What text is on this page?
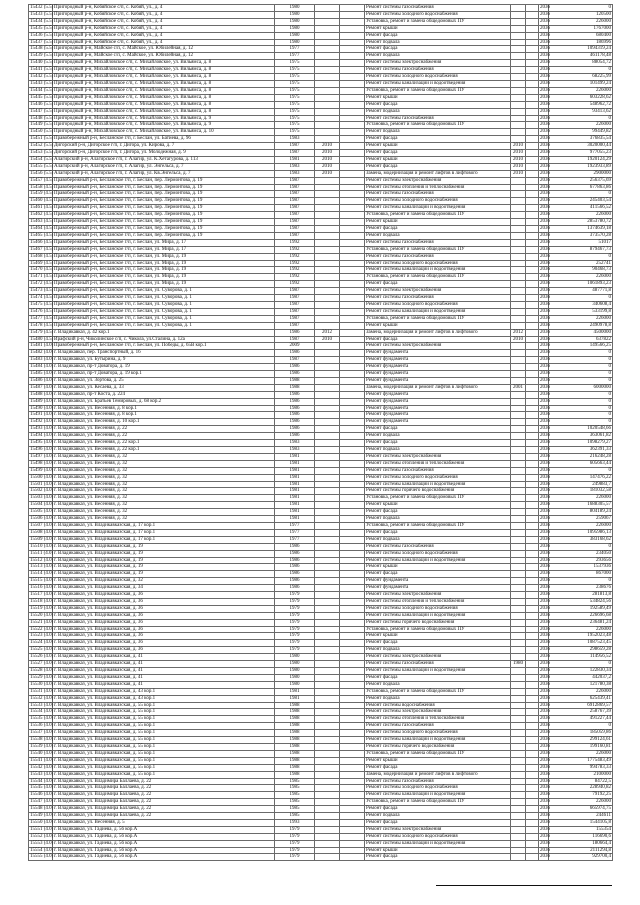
15432 (5.5)	Пригородный р-н, Кобяйское с/п, с. Кобяй, ул., д. 4	1980			Ремонт системы газоснабжения			2036	0
15433 (5.5)	Пригородный р-н, Кобяйское с/п, с. Кобяй, ул., д. 4	1980			Ремонт системы холодного водоснабжения			2036	120500
15434 (5.5)	Пригородный р-н, Кобяйское с/п, с. Кобяй, ул., д. 4	1980			Установка, ремонт и замена общедомовых ПУ			2036	226000
15435 (5.5)	Пригородный р-н, Кобяйское с/п, с. Кобяй, ул., д. 4	1980			Ремонт крыши			2036	1767000
15436 (5.5)	Пригородный р-н, Кобяйское с/п, с. Кобяй, ул., д. 4	1980			Ремонт фасада			2036	680400
15437 (5.5)	Пригородный р-н, Кобяйское с/п, с. Кобяй, ул., д. 4	1980			Ремонт подвала			2036	186996
15438 (5.5)	Пригородный р-н, Майское с/п, с. Майское, ул. Юбилейная, д. 12	1977			Ремонт фасада			2036	1094319,24
15439 (5.5)	Пригородный р-н, Майское с/п, с. Майское, ул. Юбилейная, д. 12	1977			Ремонт подвала			2036	461178,48
15440 (5.5)	Пригородный р-н, Михайловское с/п, с. Михайловское, ул. Вильямса, д. 8	1975			Ремонт системы электроснабжения			2036	88054,72
15441 (5.5)	Пригородный р-н, Михайловское с/п, с. Михайловское, ул. Вильямса, д. 8	1975			Ремонт системы газоснабжения			2036	0
15442 (5.5)	Пригородный р-н, Михайловское с/п, с. Михайловское, ул. Вильямса, д. 8	1975			Ремонт системы холодного водоснабжения			2036	68225,99
15443 (5.5)	Пригородный р-н, Михайловское с/п, с. Михайловское, ул. Вильямса, д. 8	1975			Ремонт системы канализации и водоотведения			2036	101499,24
15444 (5.5)	Пригородный р-н, Михайловское с/п, с. Михайловское, ул. Вильямса, д. 8	1975			Установка, ремонт и замена общедомовых ПУ			2036	226000
15445 (5.5)	Пригородный р-н, Михайловское с/п, с. Михайловское, ул. Вильямса, д. 8	1975			Ремонт крыши			2036	603228,62
15446 (5.5)	Пригородный р-н, Михайловское с/п, с. Михайловское, ул. Вильямса, д. 8	1975			Ремонт фасада			2036	548962,72
15447 (5.5)	Пригородный р-н, Михайловское с/п, с. Михайловское, ул. Вильямса, д. 8	1975			Ремонт подвала			2036	93413,62
15448 (5.5)	Пригородный р-н, Михайловское с/п, с. Михайловское, ул. Вильямса, д. 9	1975			Ремонт системы газоснабжения			2036	0
15449 (5.5)	Пригородный р-н, Михайловское с/п, с. Михайловское, ул. Вильямса, д. 9	1975			Установка, ремонт и замена общедомовых ПУ			2036	226000
15450 (5.5)	Пригородный р-н, Михайловское с/п, с. Михайловское, ул. Вильямса, д. 10	1975			Ремонт подвала			2036	99449,82
15451 (5.5)	Правобережный р-н, Бесланское г/п, г. Беслан, ул. Батиева, д. 96	1983			Ремонт фасада			2036	376835,54
15452 (5.5)	Дигорский р-н, Дигорское г/п, г. Дигора, ул. Кирова, д. 7	1987	2010		Ремонт крыши	2010		2036	3020000,44
15453 (5.5)	Дигорский р-н, Дигорское г/п, г. Дигора, ул. Молодежная, д. 9	1987	2010		Ремонт фасада	2010		2036	977055,23
15454 (5.5)	Алагирский р-н, Алагирское г/п, г. Алагир, ул. К.Хетагурова, д. 113	1981	2010		Ремонт крыши	2010		2036	1920124,29
15455 (5.5)	Алагирский р-н, Алагирское г/п, г. Алагир, ул. Энгельса, д. 7	1983	2010		Ремонт фасада	2010		2036	1923933,89
15456 (5.5)	Алагирский р-н, Алагирское г/п, г. Алагир, ул. Кв.Энгельса, д. 7	1983	2010		Замена, модернизация и ремонт лифтов в лифтового	2010		2036	2900000
15457 (4.5)	Правобережный р-н, Бесланское г/п, г. Беслан, пер. Лермонтова, д. 19	1987			Ремонт системы электроснабжения			2036	256375,69
15458 (4.5)	Правобережный р-н, Бесланское г/п, г. Беслан, пер. Лермонтова, д. 19	1987			Ремонт системы отопления и теплоснабжения			2036	677863,86
15459 (4.5)	Правобережный р-н, Бесланское г/п, г. Беслан, пер. Лермонтова, д. 19	1987			Ремонт системы газоснабжения			2036	0
15460 (4.5)	Правобережный р-н, Бесланское г/п, г. Беслан, пер. Лермонтова, д. 19	1987			Ремонт системы холодного водоснабжения			2036	245403,54
15461 (4.5)	Правобережный р-н, Бесланское г/п, г. Беслан, пер. Лермонтова, д. 19	1987			Ремонт системы канализации и водоотведения			2036	411566,52
15462 (4.5)	Правобережный р-н, Бесланское г/п, г. Беслан, пер. Лермонтова, д. 19	1987			Установка, ремонт и замена общедомовых ПУ			2036	226000
15463 (4.5)	Правобережный р-н, Бесланское г/п, г. Беслан, пер. Лермонтова, д. 19	1987			Ремонт крыши			2036	2853780,72
15464 (4.5)	Правобережный р-н, Бесланское г/п, г. Беслан, пер. Лермонтова, д. 19	1987			Ремонт фасада			2036	1374639,18
15465 (4.5)	Правобережный р-н, Бесланское г/п, г. Беслан, пер. Лермонтова, д. 19	1987			Ремонт подвала			2036	373570,28
15466 (4.5)	Правобережный р-н, Бесланское г/п, г. Беслан, ул. Мира, д. 17	1992			Ремонт системы газоснабжения			2036	51017
15467 (4.5)	Правобережный р-н, Бесланское г/п, г. Беслан, ул. Мира, д. 17	1992			Установка, ремонт и замена общедомовых ПУ			2036	879467,73
15468 (4.5)	Правобережный р-н, Бесланское г/п, г. Беслан, ул. Мира, д. 19	1992			Ремонт системы газоснабжения			2036	0
15469 (4.5)	Правобережный р-н, Бесланское г/п, г. Беслан, ул. Мира, д. 19	1992			Ремонт системы холодного водоснабжения			2036	252741
15470 (4.5)	Правобережный р-н, Бесланское г/п, г. Беслан, ул. Мира, д. 19	1992			Ремонт системы канализации и водоотведения			2036	90468,73
15471 (4.5)	Правобережный р-н, Бесланское г/п, г. Беслан, ул. Мира, д. 19	1992			Установка, ремонт и замена общедомовых ПУ			2036	226000
15472 (4.5)	Правобережный р-н, Бесланское г/п, г. Беслан, ул. Мира, д. 19	1992			Ремонт фасада			2036	1061893,23
15473 (4.5)	Правобережный р-н, Бесланское г/п, г. Беслан, ул. Суворова, д. 1	1987			Ремонт системы электроснабжения			2036	487771,8
15474 (4.5)	Правобережный р-н, Бесланское г/п, г. Беслан, ул. Суворова, д. 1	1987			Ремонт системы газоснабжения			2036	0
15475 (4.5)	Правобережный р-н, Бесланское г/п, г. Беслан, ул. Суворова, д. 1	1987			Ремонт системы холодного водоснабжения			2036	340608,4
15476 (4.5)	Правобережный р-н, Бесланское г/п, г. Беслан, ул. Суворова, д. 1	1987			Ремонт системы канализации и водоотведения			2036	533199,8
15477 (4.5)	Правобережный р-н, Бесланское г/п, г. Беслан, ул. Суворова, д. 1	1987			Установка, ремонт и замена общедомовых ПУ			2036	226000
15478 (4.5)	Правобережный р-н, Бесланское г/п, г. Беслан, ул. Суворова, д. 1	1987			Ремонт крыши			2036	2490978,8
15479 (4.5)	г. Владикавказ, д. 42 кор.1	1986	2012		Замена, модернизация и ремонт лифтов в лифтового	2012		2036	4500000
15480 (4.5)	Ирафский р-н, Чиколинское с/п, с. Чикола, ул.Сталина, д. 12а	1987	2010		Ремонт фасада	2010		2036	637822
15481 (4.0)	Правобережный р-н, Бесланское г/п, г. Беслан, ул. Победы, д. 65В кор.1	2009			Ремонт системы электроснабжения			2036	149566,25
15482 (4.0)	г. Владикавказ, пер. Транспортный, д. 16	1986			Ремонт фундамента			2036	0
15483 (4.0)	г. Владикавказ, ул. Бутырина, д. 9	1987			Ремонт фундамента			2036	0
15484 (4.0)	г. Владикавказ, пр-т Доватора, д. 19	1986			Ремонт фундамента			2036	0
15485 (4.0)	г. Владикавказ, пр-т Доватора, д. 19 кор.1	1986			Ремонт фундамента			2036	0
15486 (4.0)	г. Владикавказ, ул. Зортова, д. 25	1988			Ремонт фундамента			2036	0
15487 (4.0)	г. Владикавказ, ул. Кесаева, д. 33	1988			Замена, модернизация и ремонт лифтов в лифтового	2001		2036	6000000
15488 (4.0)	г. Владикавказ, пр-т Коста, д. 224	1986			Ремонт фундамента			2036	0
15489 (4.0)	г. Владикавказ, ул. Братьев Темировых, д. 68 кор.2	1986			Ремонт фундамента			2036	0
15490 (4.0)	г. Владикавказ, ул. Весенняя, д. 8 кор.1	1986			Ремонт фундамента			2036	0
15491 (4.0)	г. Владикавказ, ул. Весенняя, д. 8 кор.1	1986			Ремонт фундамента			2036	0
15492 (4.0)	г. Владикавказ, ул. Весенняя, д. 10 кор.1	1986			Ремонт фундамента			2036	0
15493 (4.0)	г. Владикавказ, ул. Весенняя, д. 22	1986			Ремонт фасада			2036	1020548,66
15494 (4.0)	г. Владикавказ, ул. Весенняя, д. 22	1986			Ремонт подвала			2036	363061,82
15495 (4.0)	г. Владикавказ, ул. Весенняя, д. 22 кор.1	1983			Ремонт фасада			2036	1098279,27
15496 (4.0)	г. Владикавказ, ул. Весенняя, д. 22 кор.1	1983			Ремонт подвала			2036	362391,33
15497 (4.0)	г. Владикавказ, ул. Весенняя, д. 32	1981			Ремонт системы электроснабжения			2036	216248,28
15498 (4.0)	г. Владикавказ, ул. Весенняя, д. 32	1981			Ремонт системы отопления и теплоснабжения			2036	605663,44
15499 (4.0)	г. Владикавказ, ул. Весенняя, д. 32	1981			Ремонт системы газоснабжения			2036	0
15500 (4.0)	г. Владикавказ, ул. Весенняя, д. 32	1981			Ремонт системы холодного водоснабжения			2036	147476,22
15501 (4.0)	г. Владикавказ, ул. Весенняя, д. 32	1981			Ремонт системы канализации и водоотведения			2036	249883,7
15502 (4.0)	г. Владикавказ, ул. Весенняя, д. 32	1981			Ремонт системы горячего водоснабжения			2036	181032,58
15503 (4.0)	г. Владикавказ, ул. Весенняя, д. 32	1981			Установка, ремонт и замена общедомовых ПУ			2036	226000
15504 (4.0)	г. Владикавказ, ул. Весенняя, д. 32	1981			Ремонт крыши			2036	1688305,57
15505 (4.0)	г. Владикавказ, ул. Весенняя, д. 32	1981			Ремонт фасада			2036	804189,24
15506 (4.0)	г. Владикавказ, ул. Весенняя, д. 32	1981			Ремонт подвала			2036	259067
15507 (4.0)	г. Владикавказ, ул. Владикавказская, д. 17 кор.1	1977			Установка, ремонт и замена общедомовых ПУ			2036	226000
15508 (4.0)	г. Владикавказ, ул. Владикавказская, д. 17 кор.1	1977			Ремонт фасада			2036	1095986,13
15509 (4.0)	г. Владикавказ, ул. Владикавказская, д. 17 кор.1	1977			Ремонт подвала			2036	383168,62
15510 (4.0)	г. Владикавказ, ул. Владикавказская, д. 19	1986			Ремонт системы газоснабжения			2036	0
15511 (4.0)	г. Владикавказ, ул. Владикавказская, д. 19	1986			Ремонт системы холодного водоснабжения			2036	234050
15512 (4.0)	г. Владикавказ, ул. Владикавказская, д. 19	1986			Ремонт системы канализации и водоотведения			2036	293656
15513 (4.0)	г. Владикавказ, ул. Владикавказская, д. 19	1986			Ремонт крыши			2036	1537936
15514 (4.0)	г. Владикавказ, ул. Владикавказская, д. 19	1986			Ремонт фасада			2036	867000
15515 (4.0)	г. Владикавказ, ул. Владикавказская, д. 32	1986			Ремонт фундамента			2036	0
15516 (4.0)	г. Владикавказ, ул. Владикавказская, д. 34	1986			Ремонт фундамента			2036	238676
15517 (4.0)	г. Владикавказ, ул. Владикавказская, д. 36	1979			Ремонт системы электроснабжения			2036	281813,8
15518 (4.0)	г. Владикавказ, ул. Владикавказская, д. 36	1979			Ремонт системы отопления и теплоснабжения			2036	534824,56
15519 (4.0)	г. Владикавказ, ул. Владикавказская, д. 36	1979			Ремонт системы холодного водоснабжения			2036	192589,49
15520 (4.0)	г. Владикавказ, ул. Владикавказская, д. 36	1979			Ремонт системы канализации и водоотведения			2036	226696,68
15521 (4.0)	г. Владикавказ, ул. Владикавказская, д. 36	1979			Ремонт системы горячего водоснабжения			2036	236481,24
15522 (4.0)	г. Владикавказ, ул. Владикавказская, д. 36	1979			Установка, ремонт и замена общедомовых ПУ			2036	226000
15523 (4.0)	г. Владикавказ, ул. Владикавказская, д. 36	1979			Ремонт крыши			2036	1952023,48
15524 (4.0)	г. Владикавказ, ул. Владикавказская, д. 36	1979			Ремонт фасада			2036	1087523,45
15525 (4.0)	г. Владикавказ, ул. Владикавказская, д. 36	1979			Ремонт подвала			2036	298659,28
15526 (4.0)	г. Владикавказ, ул. Владикавказская, д. 41	1980			Ремонт системы электроснабжения			2036	114956,52
15527 (4.0)	г. Владикавказ, ул. Владикавказская, д. 41	1980			Ремонт системы газоснабжения	1980		2036	0
15528 (4.0)	г. Владикавказ, ул. Владикавказская, д. 41	1980			Ремонт системы канализации и водоотведения			2036	122830,34
15529 (4.0)	г. Владикавказ, ул. Владикавказская, д. 41	1980			Ремонт фасада			2036	442037,2
15530 (4.0)	г. Владикавказ, ул. Владикавказская, д. 41	1980			Ремонт подвала			2036	121780,38
15531 (4.0)	г. Владикавказ, ул. Владикавказская, д. 43 кор.1	1981			Установка, ремонт и замена общедомовых ПУ			2036	226000
15532 (4.0)	г. Владикавказ, ул. Владикавказская, д. 43 кор.1	1981			Ремонт подвала			2036	625439,41
15533 (4.0)	г. Владикавказ, ул. Владикавказская, д. 55 кор.1	1988			Ремонт системы водоснабжения			2036	6912869,57
15534 (4.0)	г. Владикавказ, ул. Владикавказская, д. 55 кор.1	1988			Ремонт системы электроснабжения			2036	258767,39
15535 (4.0)	г. Владикавказ, ул. Владикавказская, д. 55 кор.1	1988			Ремонт системы отопления и теплоснабжения			2036	491227,44
15536 (4.0)	г. Владикавказ, ул. Владикавказская, д. 55 кор.1	1988			Ремонт системы газоснабжения			2036	0
15537 (4.0)	г. Владикавказ, ул. Владикавказская, д. 55 кор.1	1988			Ремонт системы холодного водоснабжения			2036	185059,86
15538 (4.0)	г. Владикавказ, ул. Владикавказская, д. 55 кор.1	1988			Ремонт системы канализации и водоотведения			2036	299124,61
15539 (4.0)	г. Владикавказ, ул. Владикавказская, д. 55 кор.1	1988			Ремонт системы горячего водоснабжения			2036	199160,81
15540 (4.0)	г. Владикавказ, ул. Владикавказская, д. 55 кор.1	1988			Установка, ремонт и замена общедомовых ПУ			2036	226000
15541 (4.0)	г. Владикавказ, ул. Владикавказская, д. 55 кор.1	1988			Ремонт крыши			2036	1775483,49
15542 (4.0)	г. Владикавказ, ул. Владикавказская, д. 55 кор.1	1988			Ремонт фасада			2036	994783,33
15543 (4.0)	г. Владикавказ, ул. Владикавказская, д. 55 кор.1	1988			Замена, модернизация и ремонт лифтов в лифтового			2036	2100000
15544 (4.0)	г. Владикавказ, ул. Владимира Баллаева, д. 22	1985			Ремонт системы газоснабжения			2036	84722,5
15545 (4.0)	г. Владикавказ, ул. Владимира Баллаева, д. 22	1985			Ремонт системы холодного водоснабжения			2036	228940,82
15546 (4.0)	г. Владикавказ, ул. Владимира Баллаева, д. 22	1985			Ремонт системы канализации и водоотведения			2036	79192,25
15547 (4.0)	г. Владикавказ, ул. Владимира Баллаева, д. 22	1985			Установка, ремонт и замена общедомовых ПУ			2036	226000
15548 (4.0)	г. Владикавказ, ул. Владимира Баллаева, д. 22	1985			Ремонт фасада			2036	665974,75
15549 (4.0)	г. Владикавказ, ул. Владимира Баллаева, д. 22	1985			Ремонт подвала			2036	244611
15550 (4.0)	г. Владикавказ, ул. Весенняя, д. 5	1993			Ремонт фасада			2036	1544105,8
15551 (4.0)	г. Владикавказ, ул. Гадиева, д. 56 кор.А	1979			Ремонт системы электроснабжения			2036	155354
15552 (4.0)	г. Владикавказ, ул. Гадиева, д. 56 кор.А	1979			Ремонт системы холодного водоснабжения			2036	116690,6
15553 (4.0)	г. Владикавказ, ул. Гадиева, д. 56 кор.А	1979			Ремонт системы канализации и водоотведения			2036	180664,4
15554 (4.0)	г. Владикавказ, ул. Гадиева, д. 56 кор.А	1979			Ремонт крыши			2036	2111294,8
15555 (4.0)	г. Владикавказ, ул. Гадиева, д. 56 кор.А	1979			Ремонт фасада			2036	929700,4
